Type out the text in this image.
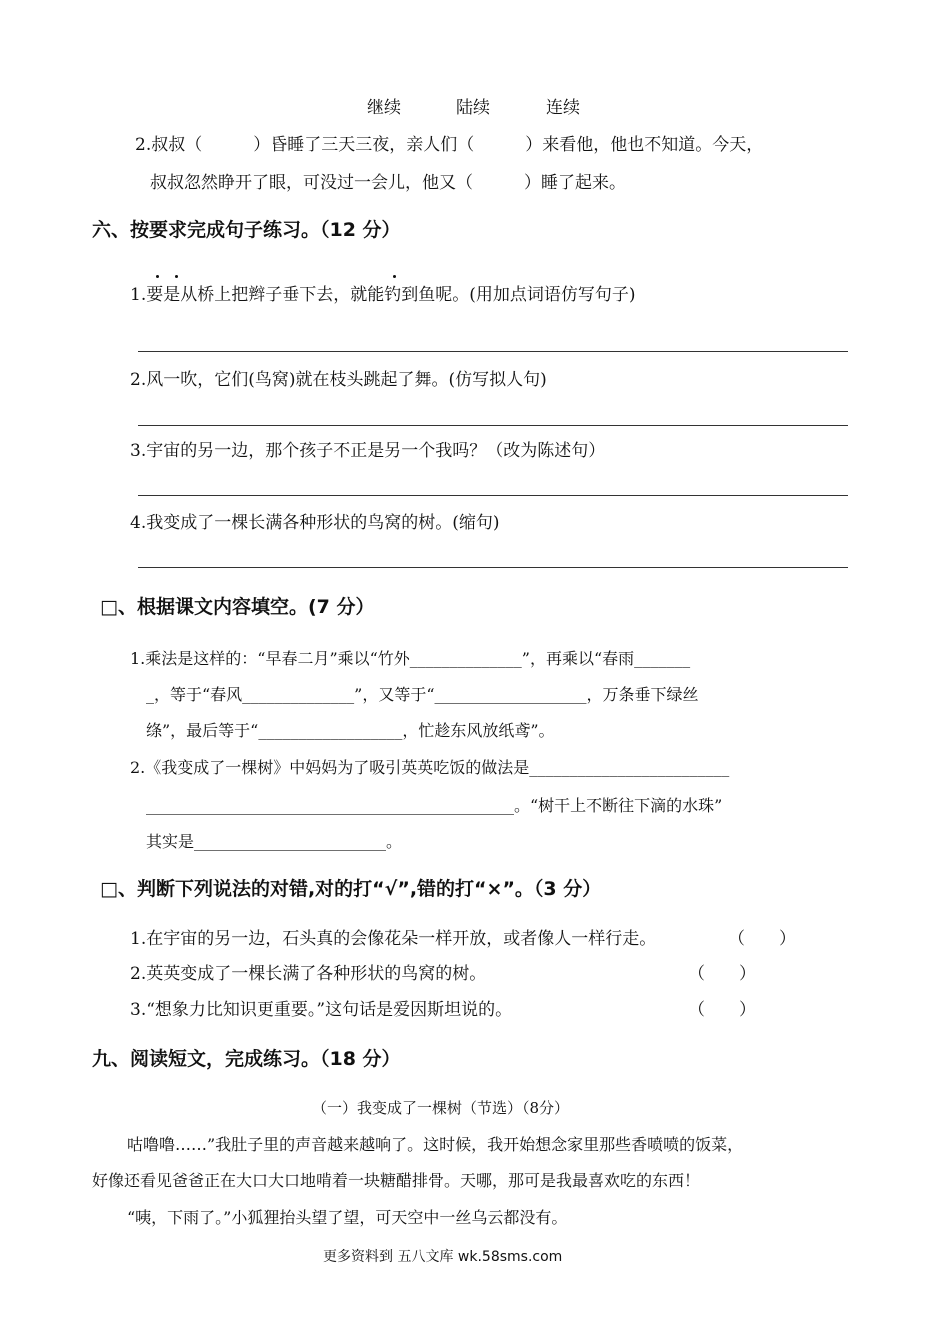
继续	陆续	连续
2.叔叔（　　　）昏睡了三天三夜，亲人们（　　　）来看他，他也不知道。今天，
叔叔忽然睁开了眼，可没过一会儿，他又（　　　）睡了起来。
六、按要求完成句子练习。（12 分）
1.要是从桥上把辫子垂下去，就能钓到鱼呢。(用加点词语仿写句子)
2.风一吹，它们(鸟窝)就在枝头跳起了舞。(仿写拟人句)
3.宇宙的另一边，那个孩子不正是另一个我吗？（改为陈述句）
4.我变成了一棵长满各种形状的鸟窝的树。(缩句)
□、根据课文内容填空。(7 分）
1.乘法是这样的：“早春二月”乘以“竹外______________”，再乘以“春雨_______
_，等于“春风______________”，又等于“___________________，万条垂下绿丝
绦”，最后等于“__________________，忙趁东风放纸鸢”。
2.《我变成了一棵树》中妈妈为了吸引英英吃饭的做法是_________________________
______________________________________________。“树干上不断往下滴的水珠”
其实是________________________。
□、判断下列说法的对错,对的打“√”,错的打“×”。（3 分）
1.在宇宙的另一边，石头真的会像花朵一样开放，或者像人一样行走。	（　　）
2.英英变成了一棵长满了各种形状的鸟窝的树。	（　　）
3.“想象力比知识更重要。”这句话是爱因斯坦说的。	（　　）
九、阅读短文，完成练习。（18 分）
（一）我变成了一棵树（节选）（8分）
咕噜噜……”我肚子里的声音越来越响了。这时候，我开始想念家里那些香喷喷的饭菜，
好像还看见爸爸正在大口大口地啃着一块糖醋排骨。天哪，那可是我最喜欢吃的东西！
“咦，下雨了。”小狐狸抬头望了望，可天空中一丝乌云都没有。
更多资料到 五八文库 wk.58sms.com
